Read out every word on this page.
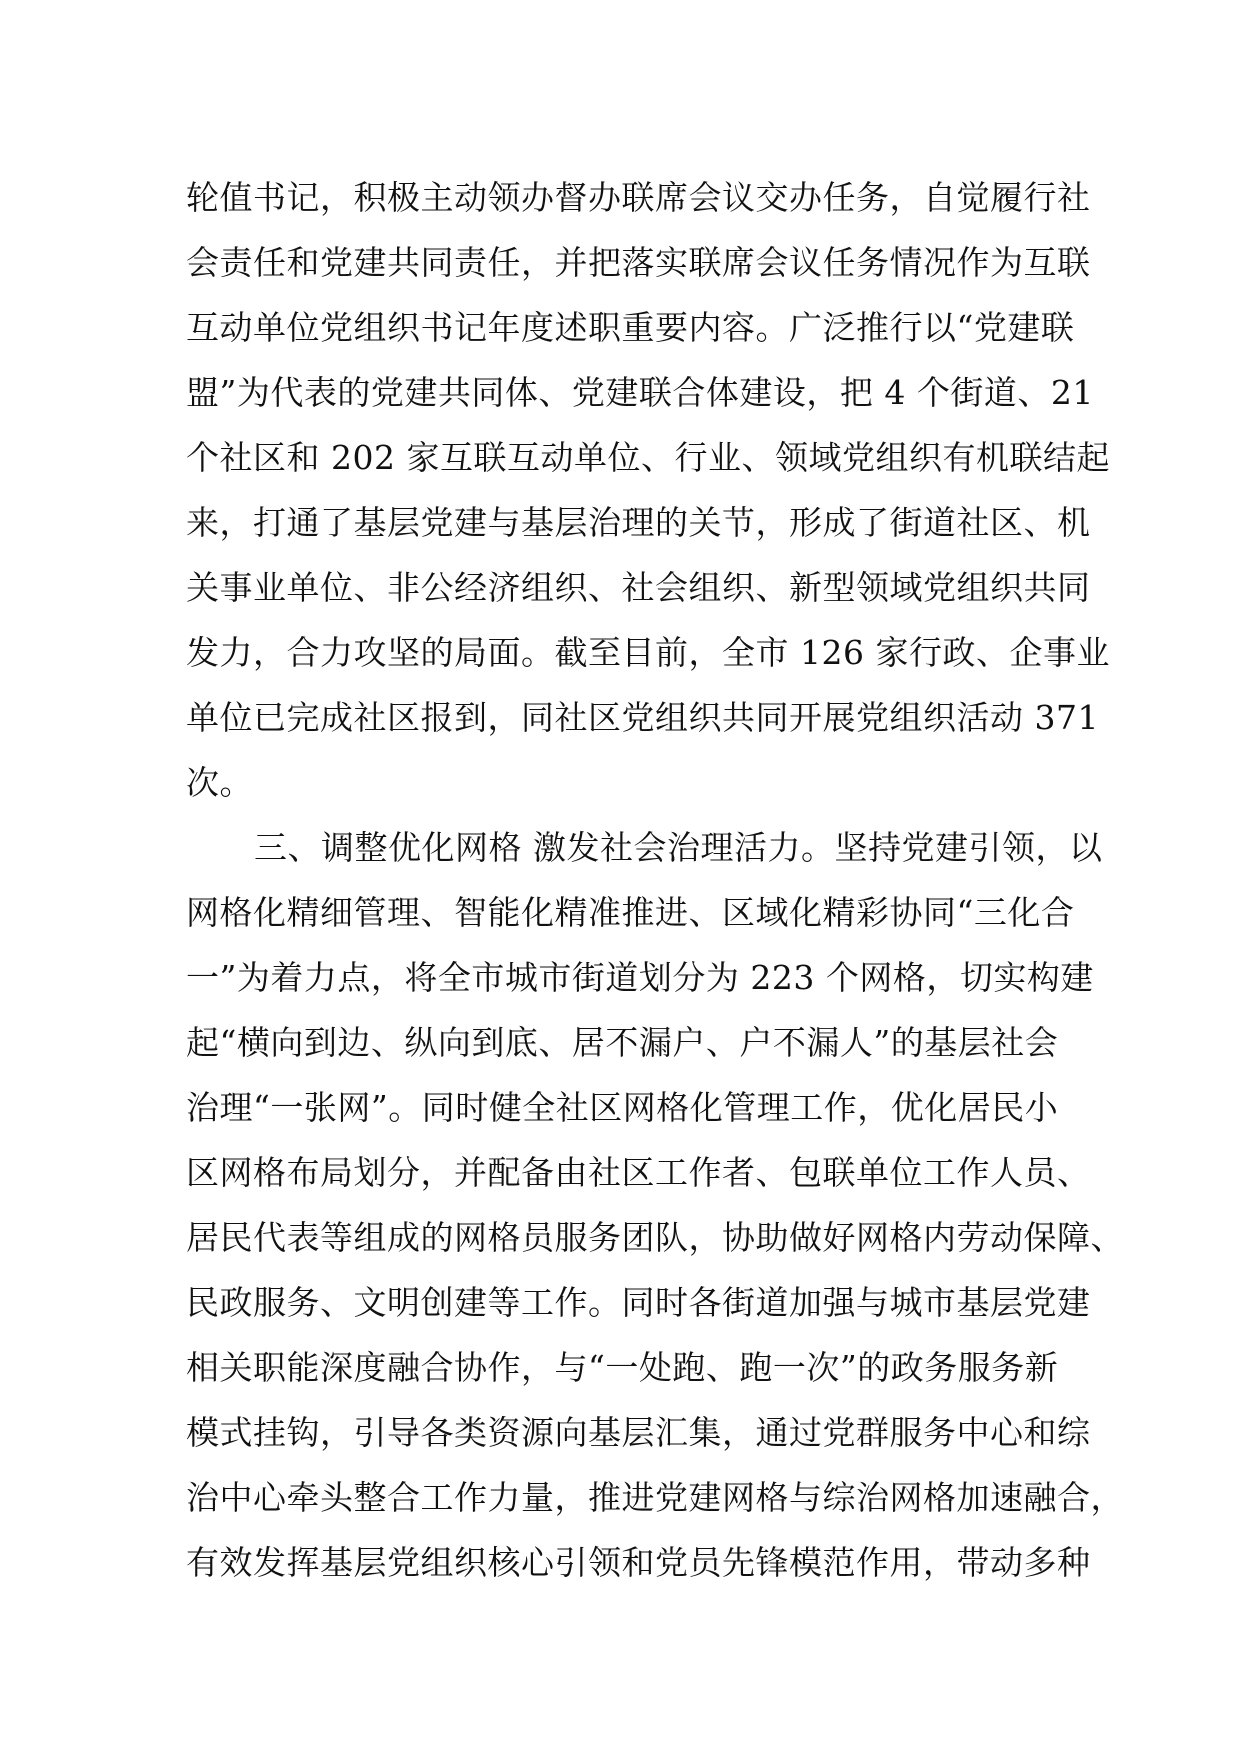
轮值书记，积极主动领办督办联席会议交办任务，自觉履行社
会责任和党建共同责任，并把落实联席会议任务情况作为互联
互动单位党组织书记年度述职重要内容。广泛推行以“党建联
盟”为代表的党建共同体、党建联合体建设，把 4 个街道、21
个社区和 202 家互联互动单位、行业、领域党组织有机联结起
来，打通了基层党建与基层治理的关节，形成了街道社区、机
关事业单位、非公经济组织、社会组织、新型领域党组织共同
发力，合力攻坚的局面。截至目前，全市 126 家行政、企事业
单位已完成社区报到，同社区党组织共同开展党组织活动 371
次。
三、调整优化网格 激发社会治理活力。坚持党建引领，以
网格化精细管理、智能化精准推进、区域化精彩协同“三化合
一”为着力点，将全市城市街道划分为 223 个网格，切实构建
起“横向到边、纵向到底、居不漏户、户不漏人”的基层社会
治理“一张网”。同时健全社区网格化管理工作，优化居民小
区网格布局划分，并配备由社区工作者、包联单位工作人员、
居民代表等组成的网格员服务团队，协助做好网格内劳动保障、
民政服务、文明创建等工作。同时各街道加强与城市基层党建
相关职能深度融合协作，与“一处跑、跑一次”的政务服务新
模式挂钩，引导各类资源向基层汇集，通过党群服务中心和综
治中心牵头整合工作力量，推进党建网格与综治网格加速融合，
有效发挥基层党组织核心引领和党员先锋模范作用，带动多种
